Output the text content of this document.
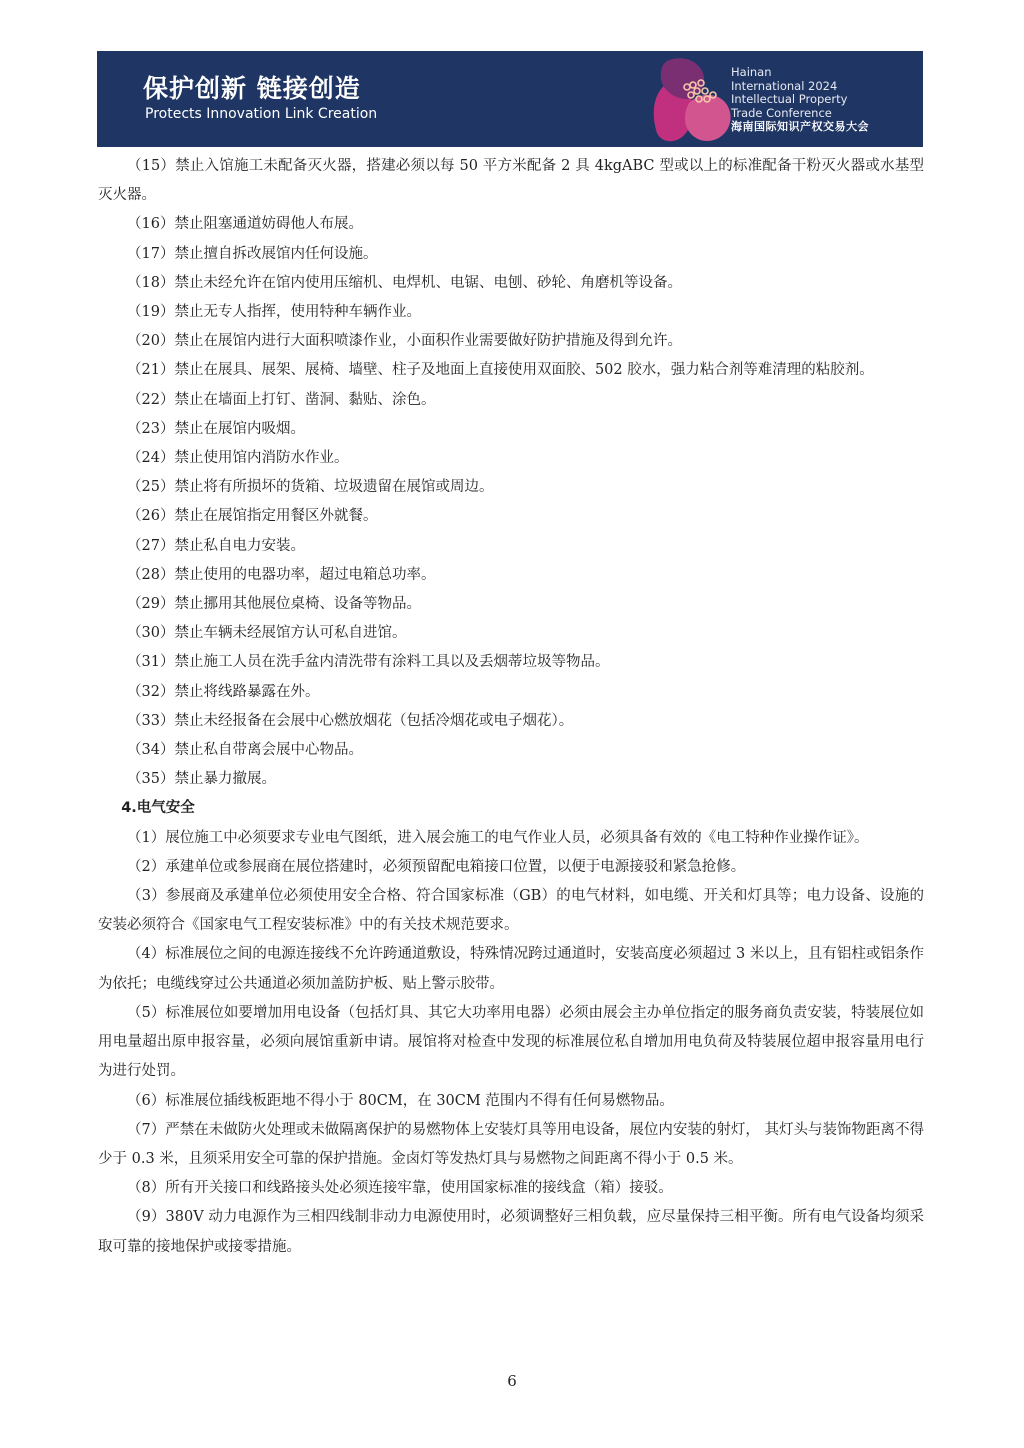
保护创新 链接创造
Protects Innovation Link Creation
Hainan
International 2024
Intellectual Property
Trade Conference
海南国际知识产权交易大会

（15）禁止入馆施工未配备灭火器，搭建必须以每 50 平方米配备 2 具 4kgABC 型或以上的标准配备干粉灭火器或水基型灭火器。

（16）禁止阻塞通道妨碍他人布展。

（17）禁止擅自拆改展馆内任何设施。

（18）禁止未经允许在馆内使用压缩机、电焊机、电锯、电刨、砂轮、角磨机等设备。

（19）禁止无专人指挥，使用特种车辆作业。

（20）禁止在展馆内进行大面积喷漆作业，小面积作业需要做好防护措施及得到允许。

（21）禁止在展具、展架、展椅、墙壁、柱子及地面上直接使用双面胶、502 胶水，强力粘合剂等难清理的粘胶剂。

（22）禁止在墙面上打钉、凿洞、黏贴、涂色。

（23）禁止在展馆内吸烟。

（24）禁止使用馆内消防水作业。

（25）禁止将有所损坏的货箱、垃圾遗留在展馆或周边。

（26）禁止在展馆指定用餐区外就餐。

（27）禁止私自电力安装。

（28）禁止使用的电器功率，超过电箱总功率。

（29）禁止挪用其他展位桌椅、设备等物品。

（30）禁止车辆未经展馆方认可私自进馆。

（31）禁止施工人员在洗手盆内清洗带有涂料工具以及丢烟蒂垃圾等物品。

（32）禁止将线路暴露在外。

（33）禁止未经报备在会展中心燃放烟花（包括冷烟花或电子烟花）。

（34）禁止私自带离会展中心物品。

（35）禁止暴力撤展。

4.电气安全

（1）展位施工中必须要求专业电气图纸，进入展会施工的电气作业人员，必须具备有效的《电工特种作业操作证》。

（2）承建单位或参展商在展位搭建时，必须预留配电箱接口位置，以便于电源接驳和紧急抢修。

（3）参展商及承建单位必须使用安全合格、符合国家标准（GB）的电气材料，如电缆、开关和灯具等；电力设备、设施的安装必须符合《国家电气工程安装标准》中的有关技术规范要求。

（4）标准展位之间的电源连接线不允许跨通道敷设，特殊情况跨过通道时，安装高度必须超过 3 米以上，且有铝柱或铝条作为依托；电缆线穿过公共通道必须加盖防护板、贴上警示胶带。

（5）标准展位如要增加用电设备（包括灯具、其它大功率用电器）必须由展会主办单位指定的服务商负责安装，特装展位如用电量超出原申报容量，必须向展馆重新申请。展馆将对检查中发现的标准展位私自增加用电负荷及特装展位超申报容量用电行为进行处罚。

（6）标准展位插线板距地不得小于 80CM，在 30CM 范围内不得有任何易燃物品。

（7）严禁在未做防火处理或未做隔离保护的易燃物体上安装灯具等用电设备，展位内安装的射灯， 其灯头与装饰物距离不得少于 0.3 米，且须采用安全可靠的保护措施。金卤灯等发热灯具与易燃物之间距离不得小于 0.5 米。

（8）所有开关接口和线路接头处必须连接牢靠，使用国家标准的接线盒（箱）接驳。

（9）380V 动力电源作为三相四线制非动力电源使用时，必须调整好三相负载，应尽量保持三相平衡。所有电气设备均须采取可靠的接地保护或接零措施。

6
